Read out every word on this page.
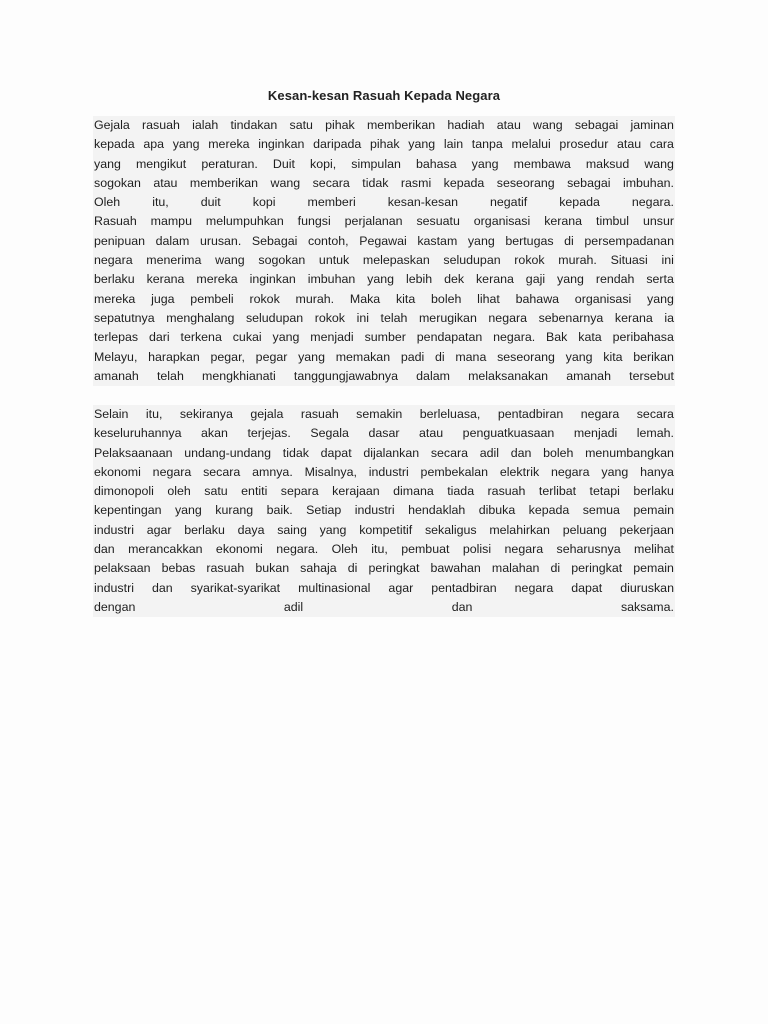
Kesan-kesan Rasuah Kepada Negara
Gejala rasuah ialah tindakan satu pihak memberikan hadiah atau wang sebagai jaminan
kepada apa yang mereka inginkan daripada pihak yang lain tanpa melalui prosedur atau cara
yang mengikut peraturan. Duit kopi, simpulan bahasa yang membawa maksud wang
sogokan atau memberikan wang secara tidak rasmi kepada seseorang sebagai imbuhan.
Oleh	itu,	duit	kopi	memberi	kesan-kesan	negatif	kepada	negara.
Rasuah mampu melumpuhkan fungsi perjalanan sesuatu organisasi kerana timbul unsur
penipuan dalam urusan. Sebagai contoh, Pegawai kastam yang bertugas di persempadanan
negara menerima wang sogokan untuk melepaskan seludupan rokok murah. Situasi ini
berlaku kerana mereka inginkan imbuhan yang lebih dek kerana gaji yang rendah serta
mereka juga pembeli rokok murah. Maka kita boleh lihat bahawa organisasi yang
sepatutnya menghalang seludupan rokok ini telah merugikan negara sebenarnya kerana ia
terlepas dari terkena cukai yang menjadi sumber pendapatan negara. Bak kata peribahasa
Melayu, harapkan pegar, pegar yang memakan padi di mana seseorang yang kita berikan
amanah telah mengkhianati tanggungjawabnya dalam melaksanakan amanah tersebut
Selain itu, sekiranya gejala rasuah semakin berleluasa, pentadbiran negara secara
keseluruhannya akan terjejas. Segala dasar atau penguatkuasaan menjadi lemah.
Pelaksaanaan undang-undang tidak dapat dijalankan secara adil dan boleh menumbangkan
ekonomi negara secara amnya. Misalnya, industri pembekalan elektrik negara yang hanya
dimonopoli oleh satu entiti separa kerajaan dimana tiada rasuah terlibat tetapi berlaku
kepentingan yang kurang baik. Setiap industri hendaklah dibuka kepada semua pemain
industri agar berlaku daya saing yang kompetitif sekaligus melahirkan peluang pekerjaan
dan merancakkan ekonomi negara. Oleh itu, pembuat polisi negara seharusnya melihat
pelaksaan bebas rasuah bukan sahaja di peringkat bawahan malahan di peringkat pemain
industri dan syarikat-syarikat multinasional agar pentadbiran negara dapat diuruskan
dengan	adil	dan	saksama.
